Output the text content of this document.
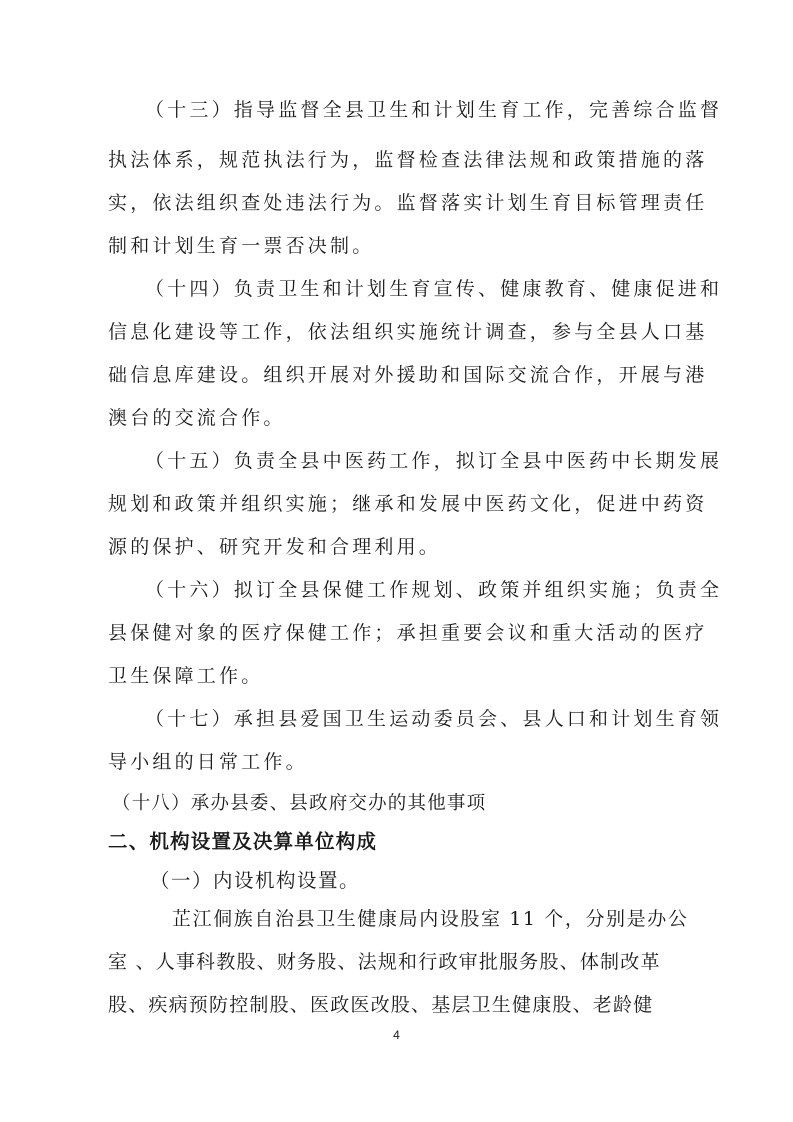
（十三）指导监督全县卫生和计划生育工作，完善综合监督
执法体系，规范执法行为，监督检查法律法规和政策措施的落
实，依法组织查处违法行为。监督落实计划生育目标管理责任
制和计划生育一票否决制。
（十四）负责卫生和计划生育宣传、健康教育、健康促进和
信息化建设等工作，依法组织实施统计调查，参与全县人口基
础信息库建设。组织开展对外援助和国际交流合作，开展与港
澳台的交流合作。
（十五）负责全县中医药工作，拟订全县中医药中长期发展
规划和政策并组织实施；继承和发展中医药文化，促进中药资
源的保护、研究开发和合理利用。
（十六）拟订全县保健工作规划、政策并组织实施；负责全
县保健对象的医疗保健工作；承担重要会议和重大活动的医疗
卫生保障工作。
（十七）承担县爱国卫生运动委员会、县人口和计划生育领
导小组的日常工作。
（十八）承办县委、县政府交办的其他事项
二、机构设置及决算单位构成
（一）内设机构设置。
芷江侗族自治县卫生健康局内设股室 11 个，分别是办公
室 、人事科教股、财务股、法规和行政审批服务股、体制改革
股、疾病预防控制股、医政医改股、基层卫生健康股、老龄健
4
